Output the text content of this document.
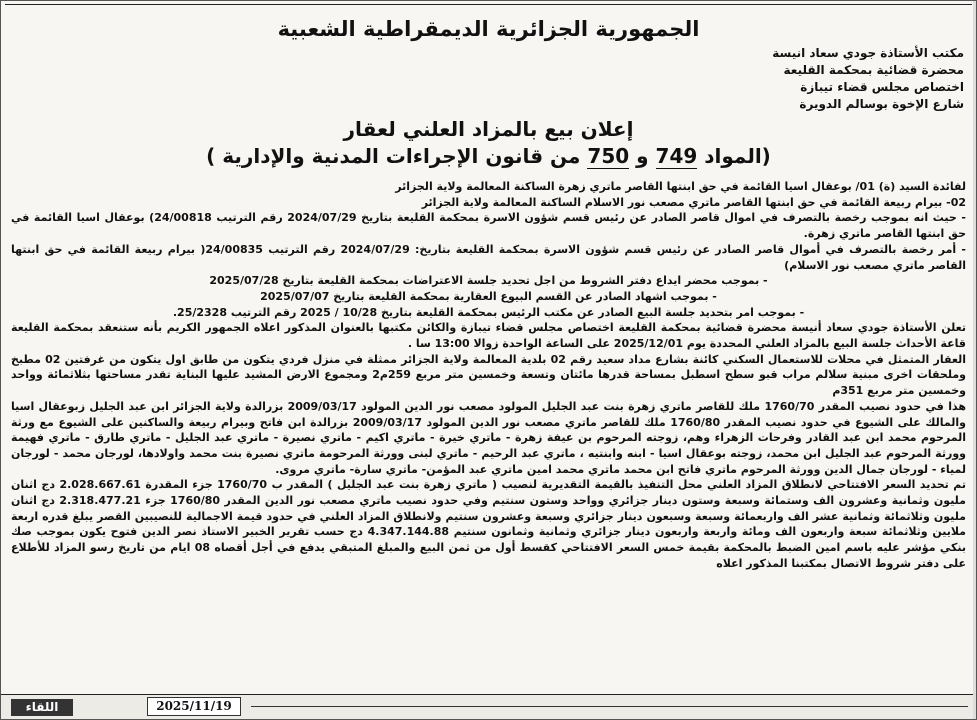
الجمهورية الجزائرية الديمقراطية الشعبية
مكتب الأستاذة جودي سعاد انيسة
محضرة قضائية بمحكمة القليعة
اختصاص مجلس قضاء تيبازة
شارع الإخوة بوسالم الدويرة
إعلان بيع بالمزاد العلني لعقار
(المواد 749 و 750 من قانون الإجراءات المدنية والإدارية )

لفائدة السيد (ة) 01/ بوعقال اسيا القائمة في حق ابنتها القاصر ماتري زهرة الساكنة المعالمة ولاية الجزائر

02- بيرام ربيعة القائمة في حق ابنتها القاصر ماتري مصعب نور الاسلام الساكنة المعالمة ولاية الجزائر

- حيث انه بموجب رخصة بالتصرف في اموال قاصر الصادر عن رئيس قسم شؤون الاسرة بمحكمة القليعة بتاريخ 2024/07/29 رقم الترتيب 24/00818) بوعقال اسيا القائمة في حق ابنتها القاصر ماتري زهرة.

- أمر رخصة بالتصرف في أموال قاصر الصادر عن رئيس قسم شؤون الاسرة بمحكمة القليعة بتاريخ: 2024/07/29 رقم الترتيب 24/00835( بيرام ربيعة القائمة في حق ابنتها القاصر ماتري مصعب نور الاسلام)

- بموجب محضر ايداع دفتر الشروط من اجل تحديد جلسة الاعتراضات بمحكمة القليعة بتاريخ 2025/07/28

- بموجب اشهاد الصادر عن القسم البيوع العقارية بمحكمة القليعة بتاريخ 2025/07/07

- بموجب امر بتحديد جلسة البيع الصادر عن مكتب الرئيس بمحكمة القليعة بتاريخ 10/28 / 2025 رقم الترتيب 25/2328.

تعلن الأستاذة جودي سعاد أنيسة محضرة قضائية بمحكمة القليعة اختصاص مجلس قضاء تيبازة والكائن مكتبها بالعنوان المذكور اعلاه الجمهور الكريم بأنه ستنعقد بمحكمة القليعة قاعة الأحداث جلسة البيع بالمزاد العلني المحددة يوم 2025/12/01 على الساعة الواحدة زوالا 13:00 سا .

العقار المتمثل في محلات للاستعمال السكني كائنة بشارع مداد سعيد رقم 02 بلدية المعالمة ولاية الجزائر ممثلة في منزل فردي يتكون من طابق اول يتكون من غرفتين 02 مطبخ وملحقات اخرى مبنية سلالم مراب قبو سطح اسطبل بمساحة قدرها مائتان وتسعة وخمسين متر مربع 259م2 ومجموع الارض المشيد عليها البناية تقدر مساحتها بثلاثمائة وواحد وخمسين متر مربع 351م

هذا في حدود نصيب المقدر 1760/70 ملك للقاصر ماتري زهرة بنت عبد الجليل المولود مصعب نور الدين المولود 2009/03/17 بزرالدة ولاية الجزائر ابن عبد الجليل زبوعقال اسيا والمالك على الشيوع في حدود نصيب المقدر 1760/80 ملك للقاصر ماتري مصعب نور الدين المولود 2009/03/17 بزرالدة ابن فاتح وبيرام ربيعة والساكنين على الشيوع مع ورثة المرحوم محمد ابن عبد القادر وفرحات الزهراء وهم، زوجته المرحوم بن عيفة زهرة - ماتري خيرة - ماتري اكيم - ماتري نصيرة - ماتري عبد الجليل - ماتري طارق - ماتري فهيمة وورثة المرحوم عبد الجليل ابن محمد، زوجته بوعقال اسيا - ابنه وابنتيه ، ماتري عبد الرحيم - ماتري لبنى وورثة المرحومة ماتري نصيرة بنت محمد واولادها، لورجان محمد - لورجان لمياء - لورجان جمال الدين وورثة المرحوم ماتري فاتح ابن محمد ماتري محمد امين ماتري عبد المؤمن- ماتري سارة- ماتري مروى.

تم تحديد السعر الافتتاحي لانطلاق المزاد العلني محل التنفيذ بالقيمة التقديرية لنصيب ( ماتري زهرة بنت عبد الجليل ) المقدر ب 1760/70 جزء المقدرة 2.028.667.61 دج اثنان مليون وثمانية وعشرون الف وستمائة وسبعة وستون دينار جزائري وواحد وستون سنتيم وفي حدود نصيب ماتري مصعب نور الدين المقدر 1760/80 جزء 2.318.477.21 دج اثنان مليون وثلاثمائة وثمانية عشر الف واربعمائة وسبعة وسبعون دينار جزائري وسبعة وعشرون سنتيم ولانطلاق المزاد العلني في حدود قيمة الاجمالية للنصيبين القصر يبلغ قدره اربعة ملايين وثلاثمائة سبعة واربعون الف ومائة واربعة واربعون دينار جزائري وثمانية وثمانون سنتيم 4.347.144.88 دج حسب تقرير الخبير الاستاذ نصر الدين فتوح يكون بموجب صك بنكي مؤشر عليه باسم امين الضبط بالمحكمة بقيمة خمس السعر الافتتاحي كقسط أول من ثمن البيع والمبلغ المتبقي يدفع في أجل أقصاه 08 ايام من تاريخ رسو المزاد للأطلاع على دفتر شروط الاتصال بمكتبنا المذكور اعلاه

2025/11/19
اللقاء
